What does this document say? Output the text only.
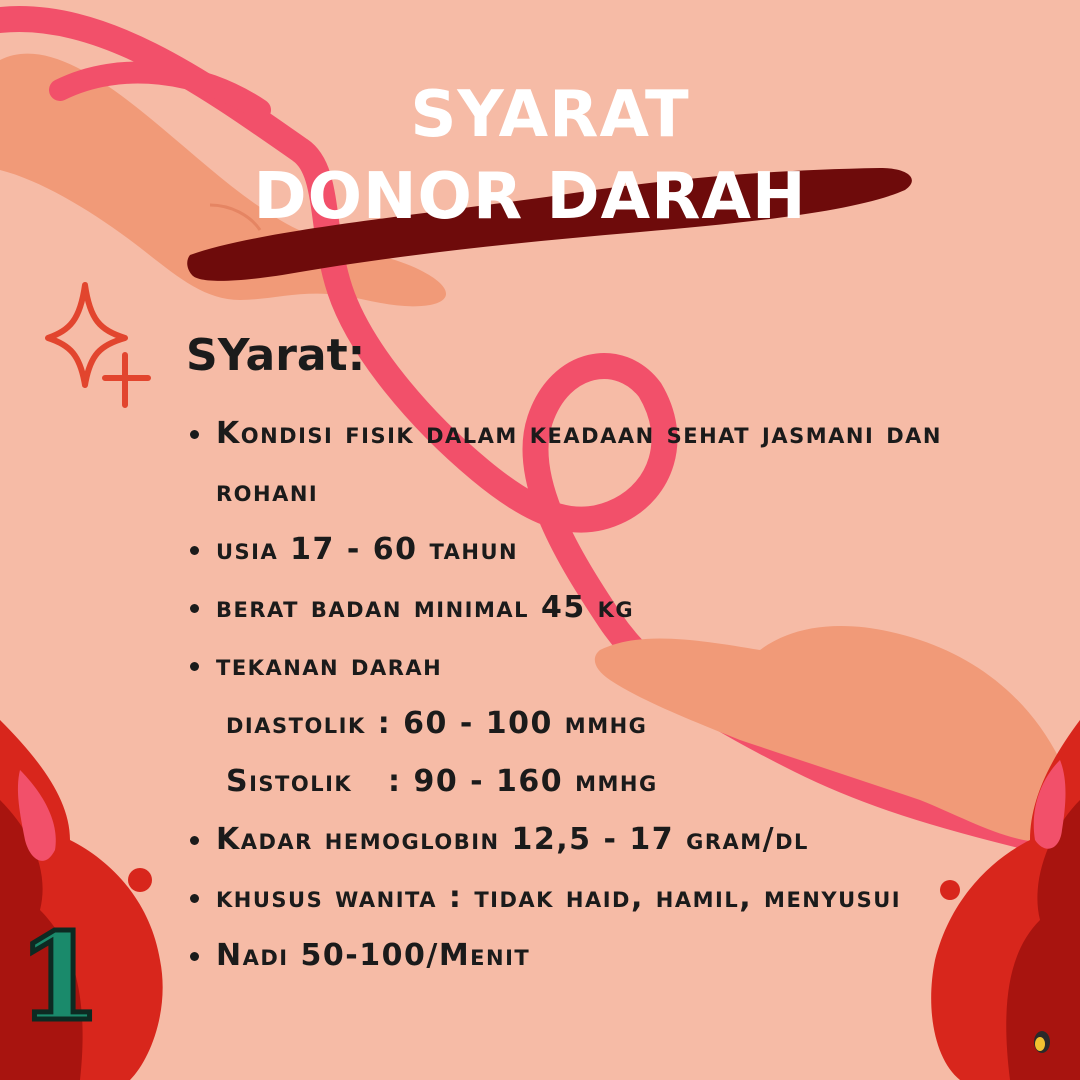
SYARAT
DONOR DARAH
SYarat:
Kondisi fisik dalam keadaan sehat jasmani dan
rohani
usia 17 - 60 tahun
berat badan minimal 45 kg
tekanan darah
diastolik : 60 - 100 mmhg
Sistolik   : 90 - 160 mmhg
Kadar hemoglobin 12,5 - 17 gram/dl
khusus wanita : tidak haid, hamil, menyusui
Nadi 50-100/Menit
1
